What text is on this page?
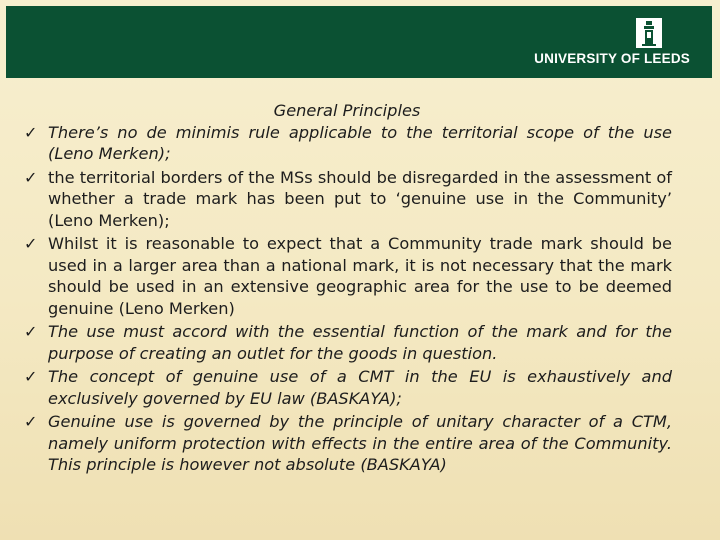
UNIVERSITY OF LEEDS
General Principles
✓ There’s no de minimis rule applicable to the territorial scope of the use (Leno Merken);
✓ the territorial borders of the MSs should be disregarded in the assessment of whether a trade mark has been put to ‘genuine use in the Community’ (Leno Merken);
✓ Whilst it is reasonable to expect that a Community trade mark should be used in a larger area than a national mark, it is not necessary that the mark should be used in an extensive geographic area for the use to be deemed genuine (Leno Merken)
✓ The use must accord with the essential function of the mark and for the purpose of creating an outlet for the goods in question.
✓ The concept of genuine use of a CMT in the EU is exhaustively and exclusively governed by EU law (BASKAYA);
✓ Genuine use is governed by the principle of unitary character of a CTM, namely uniform protection with effects in the entire area of the Community. This principle is however not absolute (BASKAYA)
